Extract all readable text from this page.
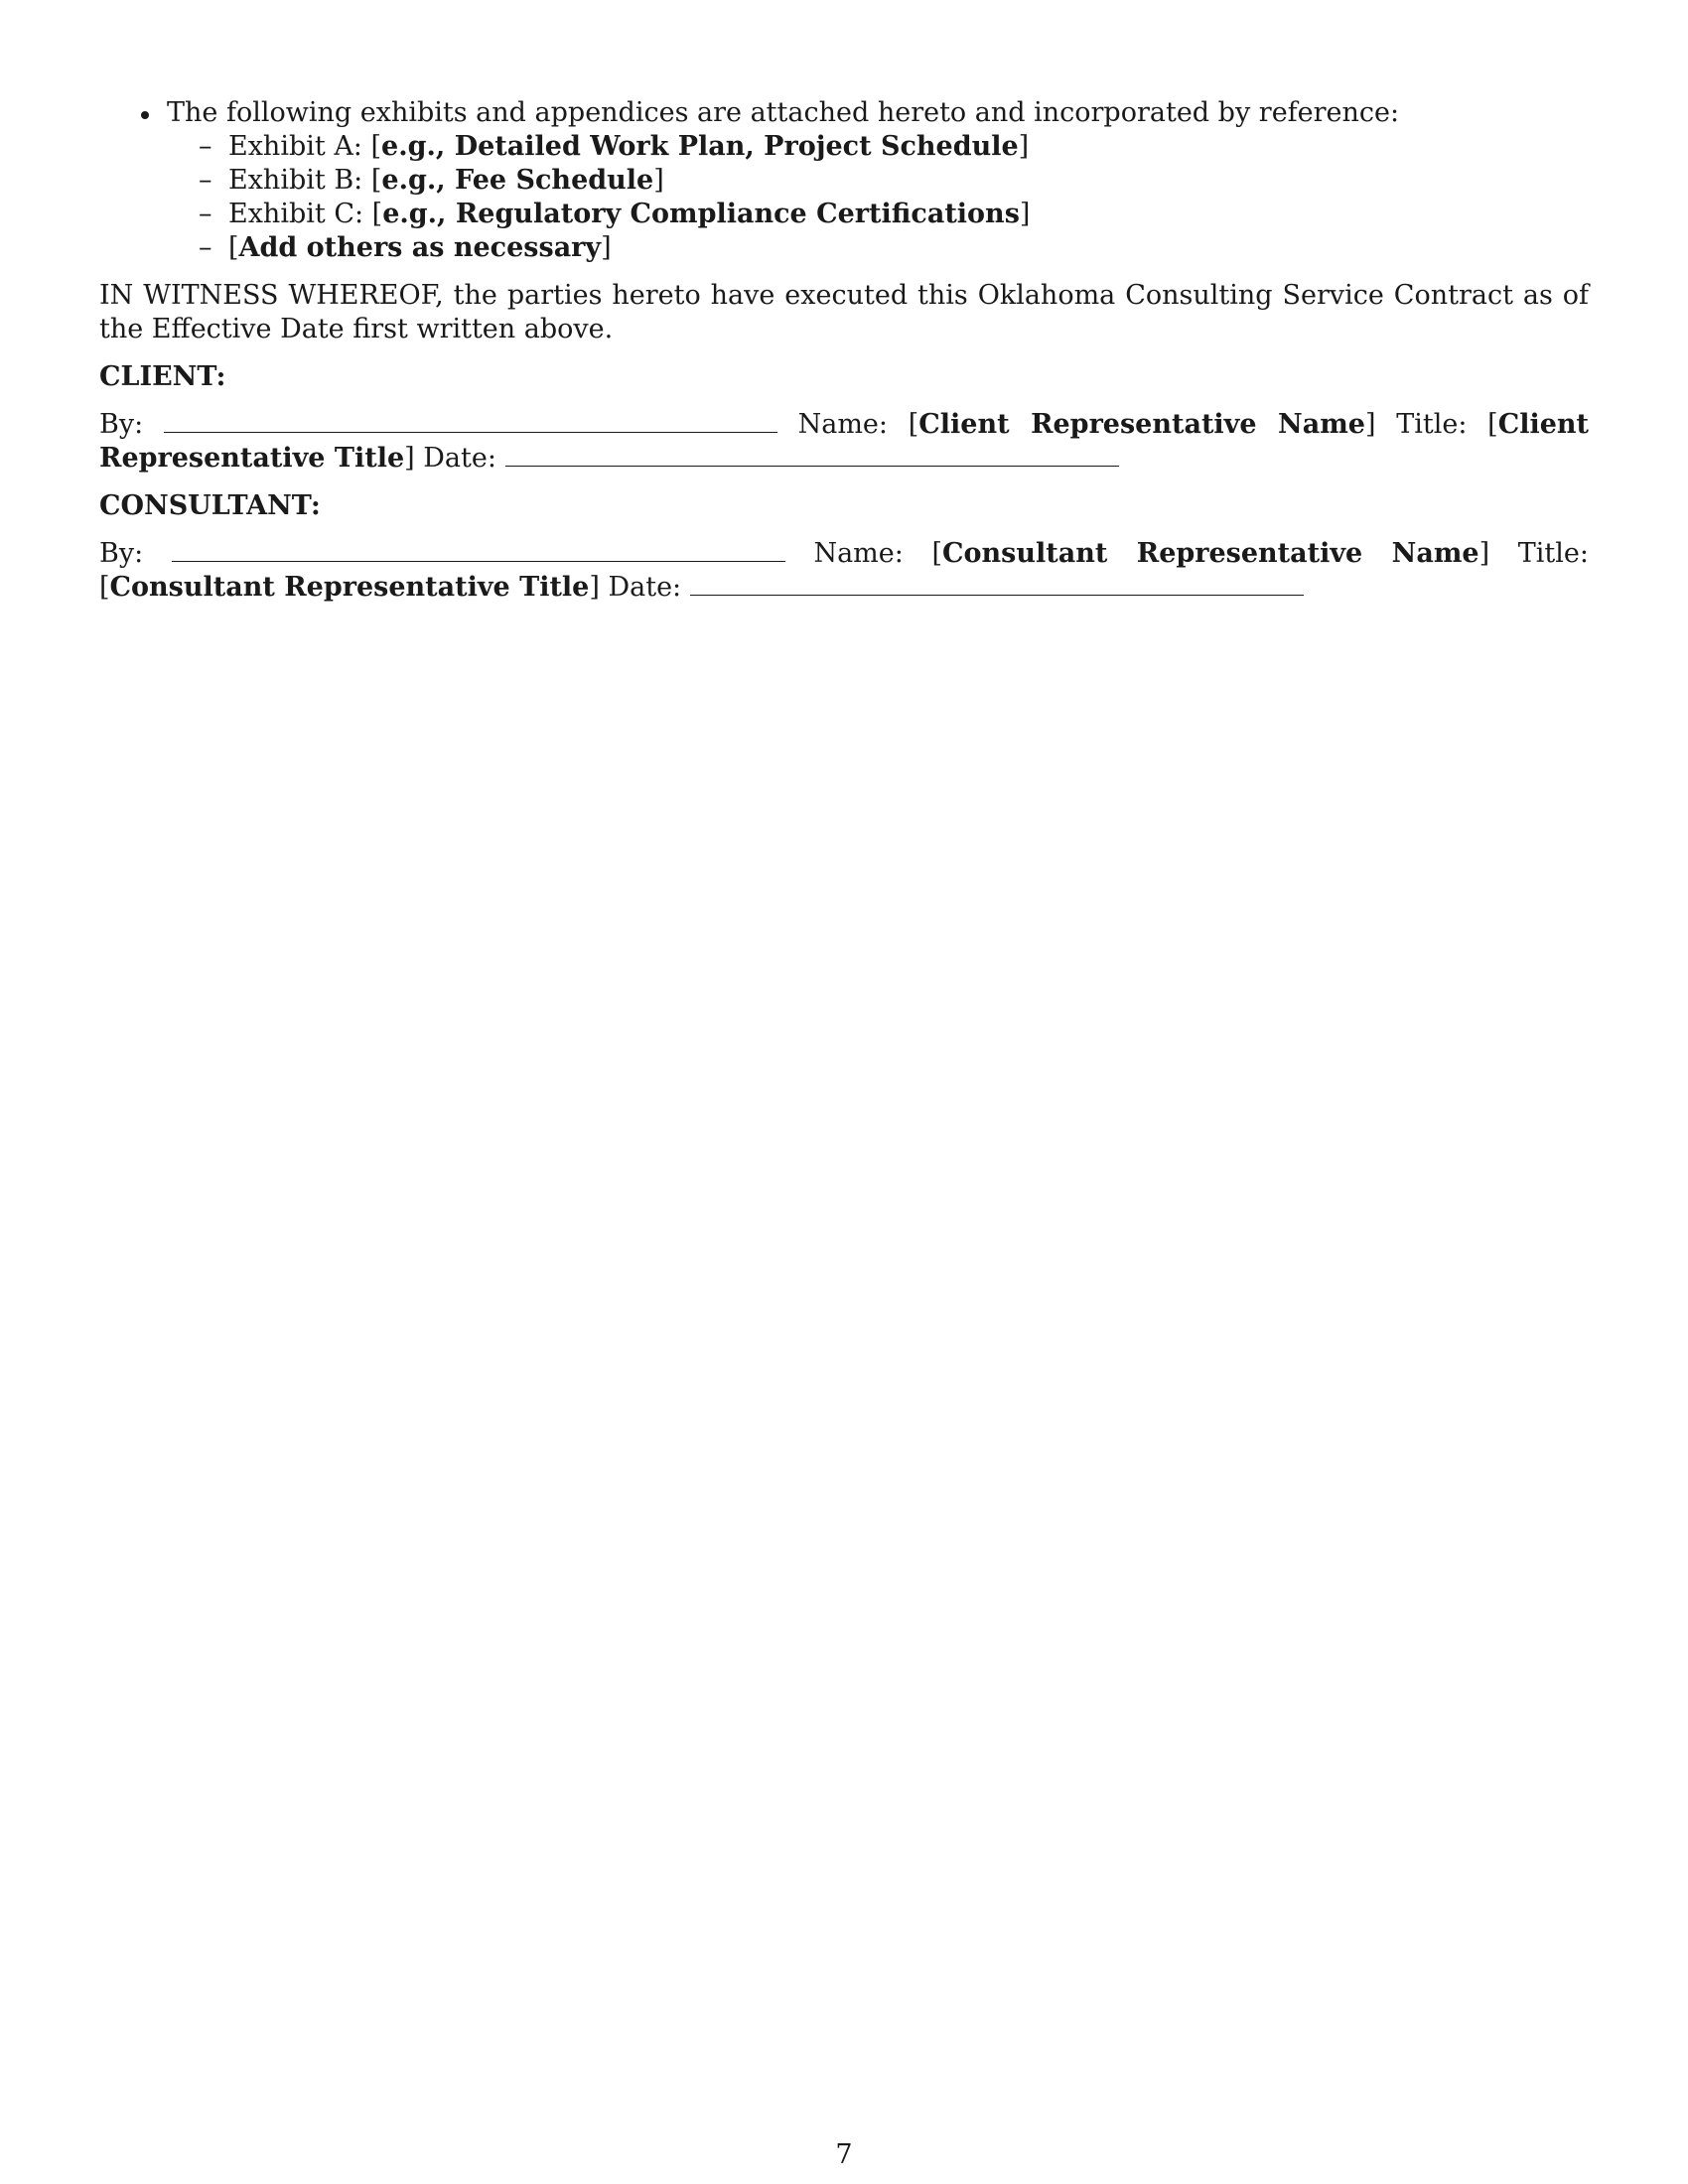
The following exhibits and appendices are attached hereto and incorporated by reference:
– Exhibit A: [e.g., Detailed Work Plan, Project Schedule]
– Exhibit B: [e.g., Fee Schedule]
– Exhibit C: [e.g., Regulatory Compliance Certifications]
– [Add others as necessary]

IN WITNESS WHEREOF, the parties hereto have executed this Oklahoma Consulting Service Contract as of the Effective Date first written above.

CLIENT:
By:	Name: [Client Representative Name] Title: [Client Representative Title] Date:
CONSULTANT:
By:	Name: [Consultant Representative Name] Title: [Consultant Representative Title] Date:
7
